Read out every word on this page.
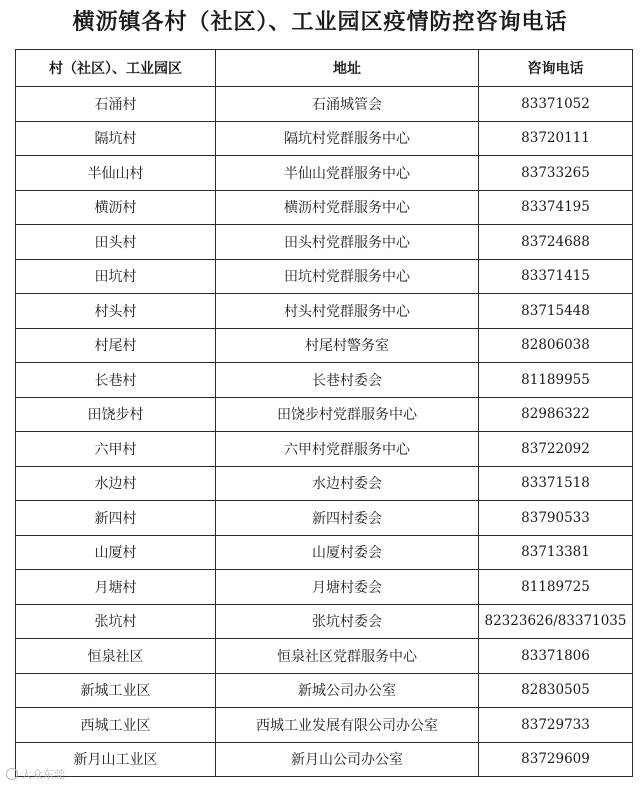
横沥镇各村（社区）、工业园区疫情防控咨询电话
村（社区）、工业园区	地址	咨询电话
石涌村	石涌城管会	83371052
隔坑村	隔坑村党群服务中心	83720111
半仙山村	半仙山党群服务中心	83733265
横沥村	横沥村党群服务中心	83374195
田头村	田头村党群服务中心	83724688
田坑村	田坑村党群服务中心	83371415
村头村	村头村党群服务中心	83715448
村尾村	村尾村警务室	82806038
长巷村	长巷村委会	81189955
田饶步村	田饶步村党群服务中心	82986322
六甲村	六甲村党群服务中心	83722092
水边村	水边村委会	83371518
新四村	新四村委会	83790533
山厦村	山厦村委会	83713381
月塘村	月塘村委会	81189725
张坑村	张坑村委会	82323626/83371035
恒泉社区	恒泉社区党群服务中心	83371806
新城工业区	新城公司办公室	82830505
西城工业区	西城工业发展有限公司办公室	83729733
新月山工业区	新月山公司办公室	83729609
大众东莞
